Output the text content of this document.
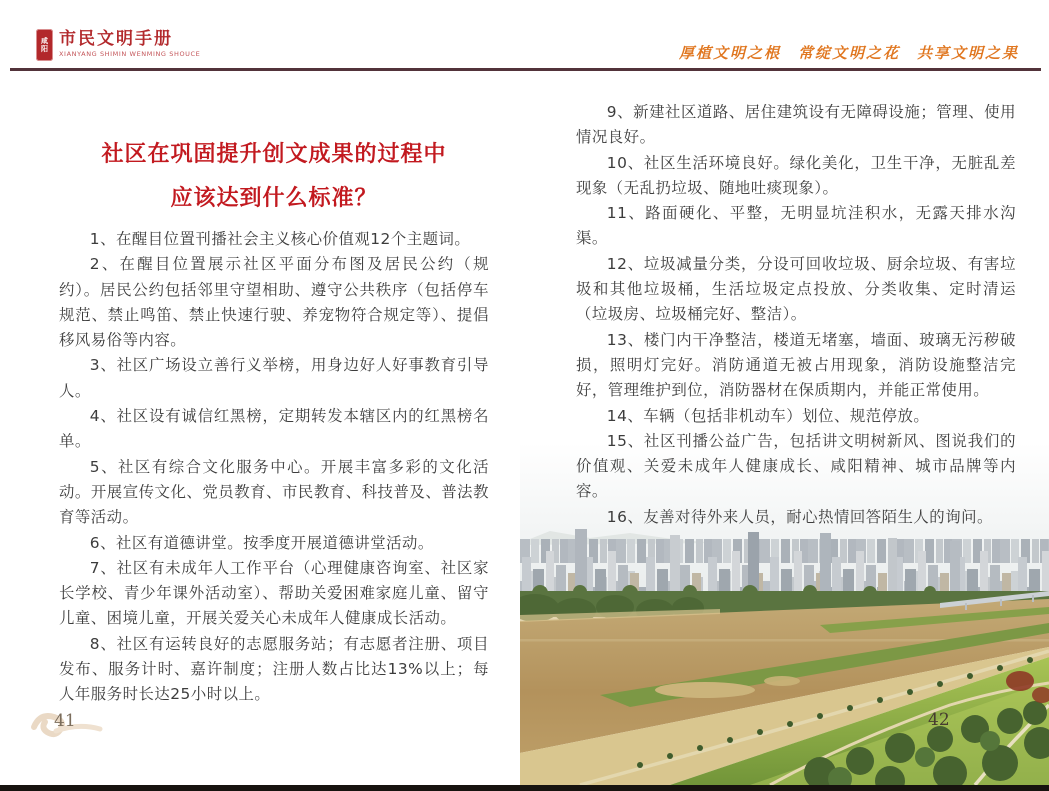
咸阳 市民文明手册
XIANYANG SHIMIN WENMING SHOUCE	厚植文明之根　常绽文明之花　共享文明之果
社区在巩固提升创文成果的过程中
应该达到什么标准？

1、在醒目位置刊播社会主义核心价值观12个主题词。

2、在醒目位置展示社区平面分布图及居民公约（规约）。居民公约包括邻里守望相助、遵守公共秩序（包括停车规范、禁止鸣笛、禁止快速行驶、养宠物符合规定等）、提倡移风易俗等内容。

3、社区广场设立善行义举榜，用身边好人好事教育引导人。

4、社区设有诚信红黑榜，定期转发本辖区内的红黑榜名单。

5、社区有综合文化服务中心。开展丰富多彩的文化活动。开展宣传文化、党员教育、市民教育、科技普及、普法教育等活动。

6、社区有道德讲堂。按季度开展道德讲堂活动。

7、社区有未成年人工作平台（心理健康咨询室、社区家长学校、青少年课外活动室）、帮助关爱困难家庭儿童、留守儿童、困境儿童，开展关爱关心未成年人健康成长活动。

8、社区有运转良好的志愿服务站；有志愿者注册、项目发布、服务计时、嘉许制度；注册人数占比达13%以上；每人年服务时长达25小时以上。

41

9、新建社区道路、居住建筑设有无障碍设施；管理、使用情况良好。

10、社区生活环境良好。绿化美化，卫生干净，无脏乱差现象（无乱扔垃圾、随地吐痰现象）。

11、路面硬化、平整，无明显坑洼积水，无露天排水沟渠。

12、垃圾减量分类，分设可回收垃圾、厨余垃圾、有害垃圾和其他垃圾桶，生活垃圾定点投放、分类收集、定时清运（垃圾房、垃圾桶完好、整洁）。

13、楼门内干净整洁，楼道无堵塞，墙面、玻璃无污秽破损，照明灯完好。消防通道无被占用现象，消防设施整洁完好，管理维护到位，消防器材在保质期内，并能正常使用。

14、车辆（包括非机动车）划位、规范停放。

15、社区刊播公益广告，包括讲文明树新风、图说我们的价值观、关爱未成年人健康成长、咸阳精神、城市品牌等内容。

16、友善对待外来人员，耐心热情回答陌生人的询问。

42
